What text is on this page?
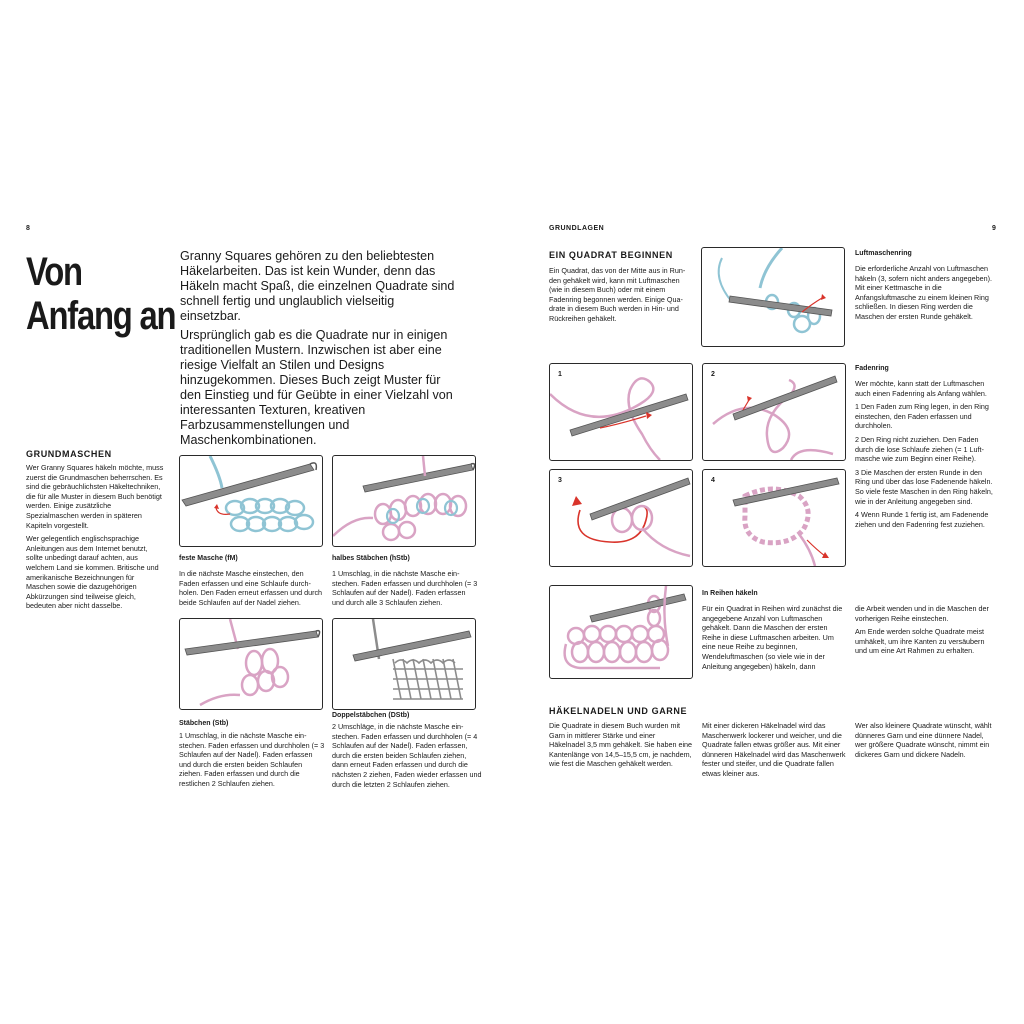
8
Von
Anfang an

Granny Squares gehören zu den beliebtesten Häkelarbeiten. Das ist kein Wunder, denn das Häkeln macht Spaß, die einzelnen Quadrate sind schnell fertig und unglaublich vielseitig einsetzbar.

Ursprünglich gab es die Quadrate nur in einigen traditionellen Mustern. Inzwischen ist aber eine riesige Vielfalt an Stilen und Designs hinzugekommen. Dieses Buch zeigt Muster für den Einstieg und für Geübte in einer Vielzahl von interessanten Texturen, kreativen Farbzusammenstellungen und Maschenkombinationen.

GRUNDMASCHEN

Wer Granny Squares häkeln möchte, muss zuerst die Grundmaschen beherrschen. Es sind die gebräuchlichsten Häkeltechniken, die für alle Muster in diesem Buch benötigt werden. Einige zusätzliche Spezialmaschen werden in späteren Kapiteln vorgestellt.

Wer gelegentlich englischsprachige Anleitungen aus dem Internet benutzt, sollte unbedingt darauf achten, aus welchem Land sie kommen. Britische und amerikanische Bezeichnungen für Maschen sowie die dazugehörigen Abkürzungen sind teilweise gleich, bedeuten aber nicht dasselbe.

feste Masche (fM)
In die nächste Masche einstechen, den Faden erfassen und eine Schlaufe durchholen. Den Faden erneut erfassen und durch beide Schlaufen auf der Nadel ziehen.
halbes Stäbchen (hStb)
1 Umschlag, in die nächste Masche einstechen. Faden erfassen und durchholen (= 3 Schlaufen auf der Nadel). Faden erfassen und durch alle 3 Schlaufen ziehen.
Stäbchen (Stb)
1 Umschlag, in die nächste Masche einstechen. Faden erfassen und durchholen (= 3 Schlaufen auf der Nadel). Faden erfassen und durch die ersten beiden Schlaufen ziehen. Faden erfassen und durch die restlichen 2 Schlaufen ziehen.
Doppelstäbchen (DStb)
2 Umschläge, in die nächste Masche einstechen. Faden erfassen und durchholen (= 4 Schlaufen auf der Nadel). Faden erfassen, durch die ersten beiden Schlaufen ziehen, dann erneut Faden erfassen und durch die nächsten 2 ziehen, Faden wieder erfassen und durch die letzten 2 Schlaufen ziehen.
GRUNDLAGEN	9
EIN QUADRAT BEGINNEN
Ein Quadrat, das von der Mitte aus in Runden gehäkelt wird, kann mit Luftmaschen (wie in diesem Buch) oder mit einem Fadenring begonnen werden. Einige Quadrate in diesem Buch werden in Hin- und Rückreihen gehäkelt.
Luftmaschenring
Die erforderliche Anzahl von Luftmaschen häkeln (3, sofern nicht anders angegeben). Mit einer Kettmasche in die Anfangsluftmasche zu einem kleinen Ring schließen. In diesen Ring werden die Maschen der ersten Runde gehäkelt.
1	2
3	4
Fadenring

Wer möchte, kann statt der Luftmaschen auch einen Fadenring als Anfang wählen.

1 Den Faden zum Ring legen, in den Ring einstechen, den Faden erfassen und durchholen.

2 Den Ring nicht zuziehen. Den Faden durch die lose Schlaufe ziehen (= 1 Luftmasche wie zum Beginn einer Reihe).

3 Die Maschen der ersten Runde in den Ring und über das lose Fadenende häkeln. So viele feste Maschen in den Ring häkeln, wie in der Anleitung angegeben sind.

4 Wenn Runde 1 fertig ist, am Fadenende ziehen und den Fadenring fest zuziehen.

In Reihen häkeln
Für ein Quadrat in Reihen wird zunächst die angegebene Anzahl von Luftmaschen gehäkelt. Dann die Maschen der ersten Reihe in diese Luftmaschen arbeiten. Um eine neue Reihe zu beginnen, Wendeluftmaschen (so viele wie in der Anleitung angegeben) häkeln, dann

die Arbeit wenden und in die Maschen der vorherigen Reihe einstechen.

Am Ende werden solche Quadrate meist umhäkelt, um ihre Kanten zu versäubern und um eine Art Rahmen zu erhalten.

HÄKELNADELN UND GARNE
Die Quadrate in diesem Buch wurden mit Garn in mittlerer Stärke und einer Häkelnadel 3,5 mm gehäkelt. Sie haben eine Kantenlänge von 14,5–15,5 cm, je nachdem, wie fest die Maschen gehäkelt werden.
Mit einer dickeren Häkelnadel wird das Maschenwerk lockerer und weicher, und die Quadrate fallen etwas größer aus. Mit einer dünneren Häkelnadel wird das Maschenwerk fester und steifer, und die Quadrate fallen etwas kleiner aus.
Wer also kleinere Quadrate wünscht, wählt dünneres Garn und eine dünnere Nadel, wer größere Quadrate wünscht, nimmt ein dickeres Garn und dickere Nadeln.
